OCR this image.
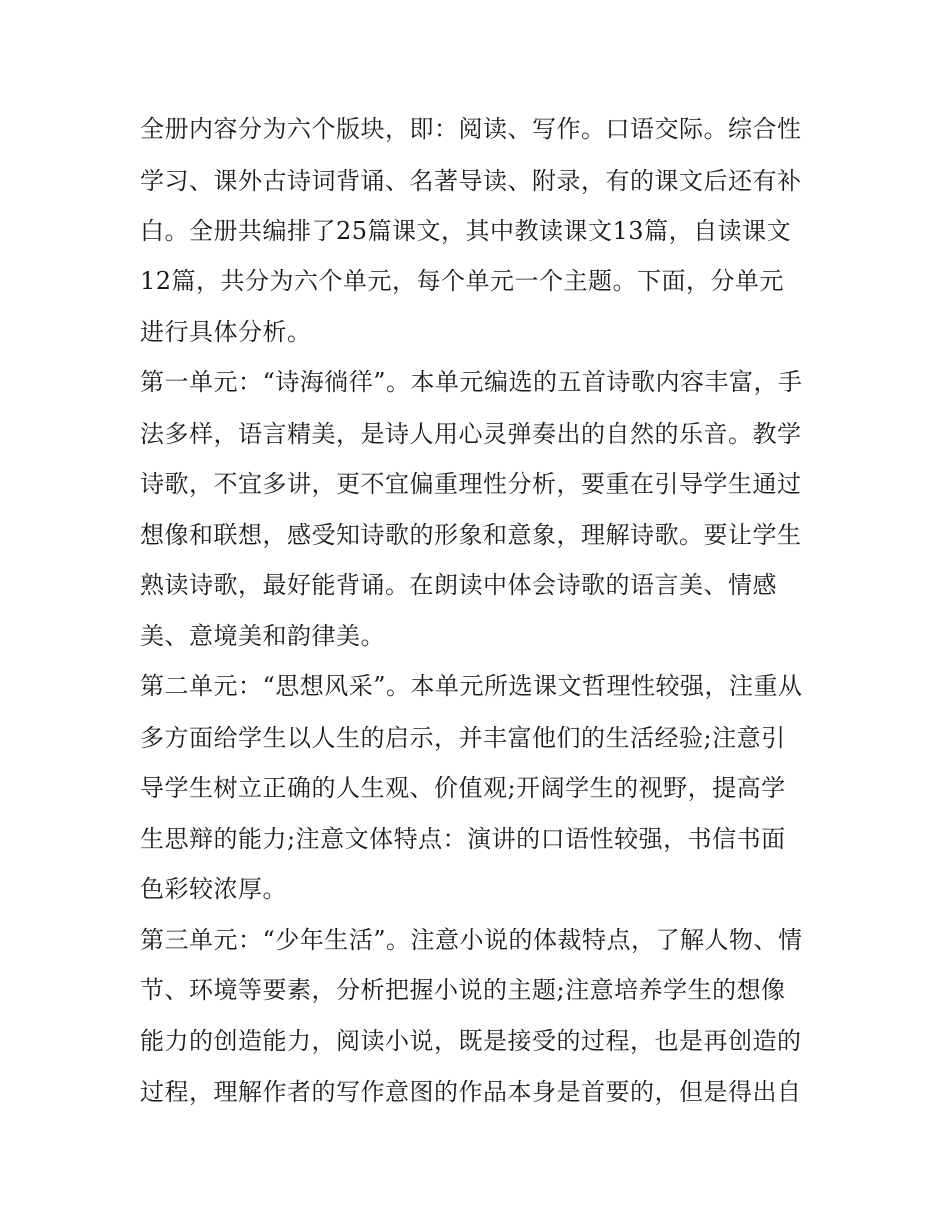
全册内容分为六个版块，即：阅读、写作。口语交际。综合性
学习、课外古诗词背诵、名著导读、附录，有的课文后还有补
白。全册共编排了25篇课文，其中教读课文13篇，自读课文
12篇，共分为六个单元，每个单元一个主题。下面，分单元
进行具体分析。
第一单元：“诗海徜徉”。本单元编选的五首诗歌内容丰富，手
法多样，语言精美，是诗人用心灵弹奏出的自然的乐音。教学
诗歌，不宜多讲，更不宜偏重理性分析，要重在引导学生通过
想像和联想，感受知诗歌的形象和意象，理解诗歌。要让学生
熟读诗歌，最好能背诵。在朗读中体会诗歌的语言美、情感
美、意境美和韵律美。
第二单元：“思想风采”。本单元所选课文哲理性较强，注重从
多方面给学生以人生的启示，并丰富他们的生活经验;注意引
导学生树立正确的人生观、价值观;开阔学生的视野，提高学
生思辩的能力;注意文体特点：演讲的口语性较强，书信书面
色彩较浓厚。
第三单元：“少年生活”。注意小说的体裁特点，了解人物、情
节、环境等要素，分析把握小说的主题;注意培养学生的想像
能力的创造能力，阅读小说，既是接受的过程，也是再创造的
过程，理解作者的写作意图的作品本身是首要的，但是得出自
